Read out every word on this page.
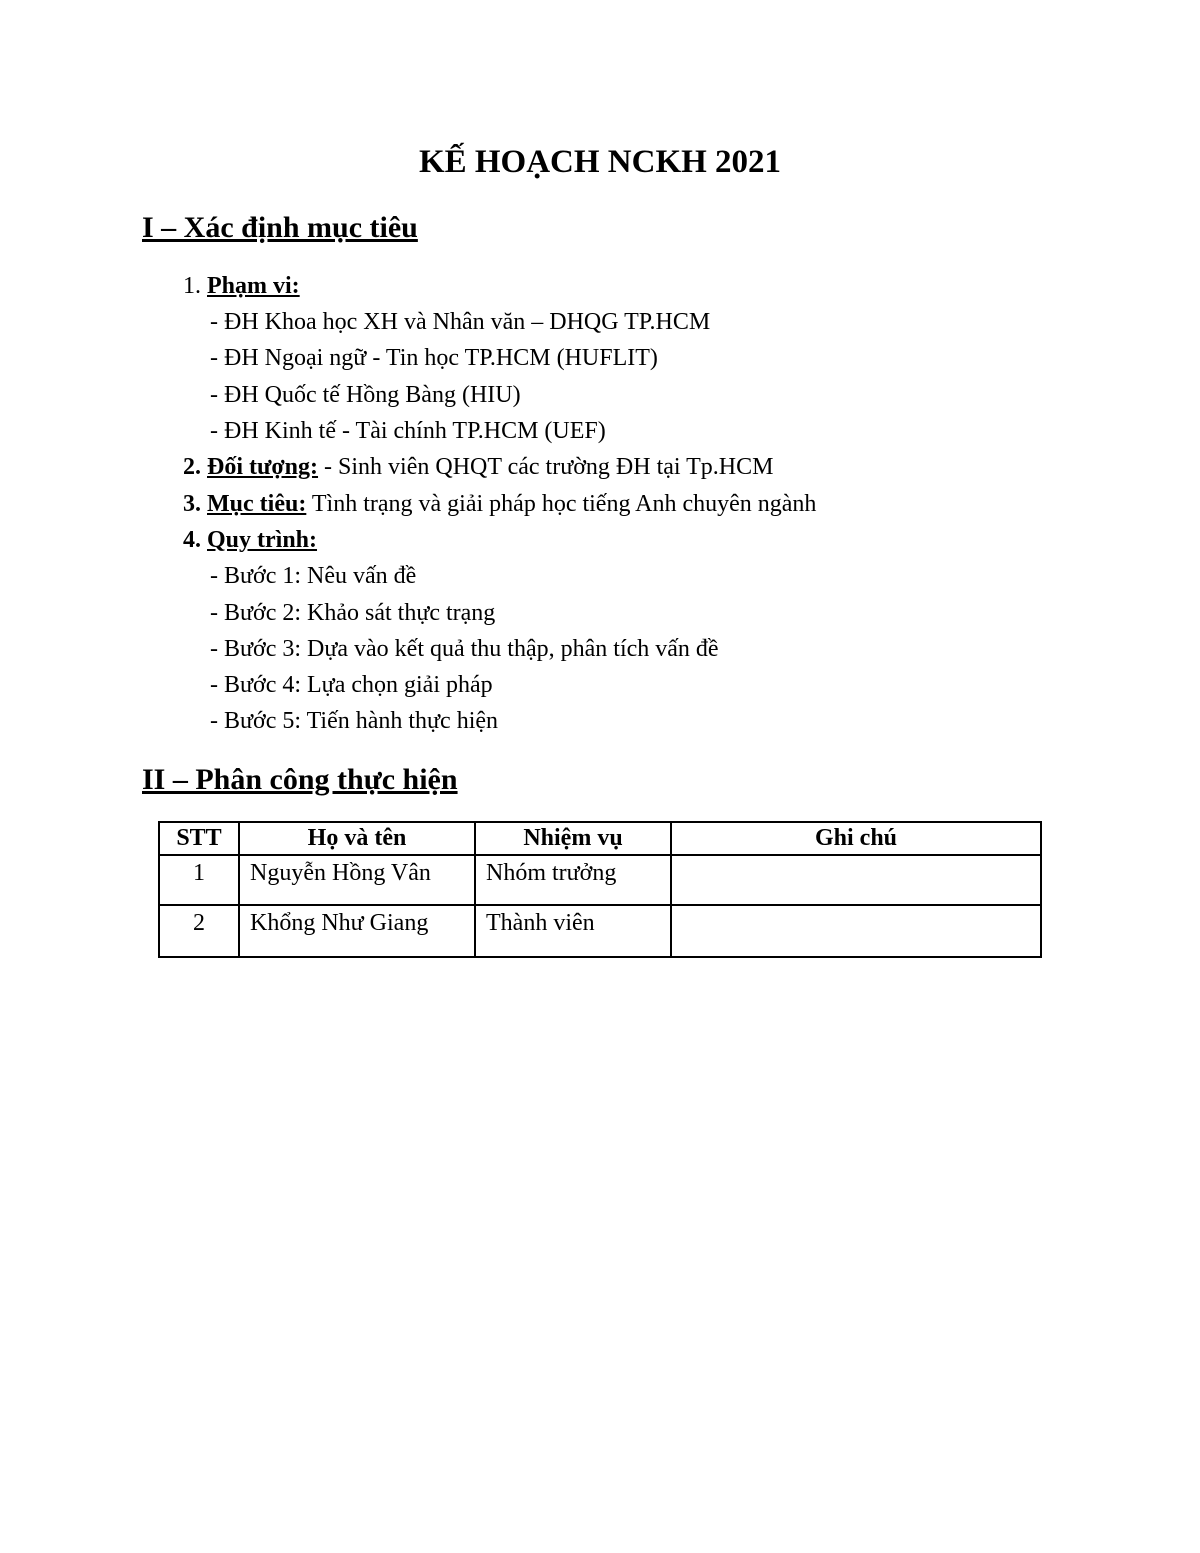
KẾ HOẠCH NCKH 2021
I – Xác định mục tiêu
1. Phạm vi:
- ĐH Khoa học XH và Nhân văn – DHQG TP.HCM
- ĐH Ngoại ngữ - Tin học TP.HCM (HUFLIT)
- ĐH Quốc tế Hồng Bàng (HIU)
- ĐH Kinh tế - Tài chính TP.HCM (UEF)
2. Đối tượng: - Sinh viên QHQT các trường ĐH tại Tp.HCM
3. Mục tiêu: Tình trạng và giải pháp học tiếng Anh chuyên ngành
4. Quy trình:
- Bước 1: Nêu vấn đề
- Bước 2: Khảo sát thực trạng
- Bước 3: Dựa vào kết quả thu thập, phân tích vấn đề
- Bước 4: Lựa chọn giải pháp
- Bước 5: Tiến hành thực hiện
II – Phân công thực hiện
STT	Họ và tên	Nhiệm vụ	Ghi chú
1	Nguyễn Hồng Vân	Nhóm trưởng	
2	Khổng Như Giang	Thành viên	
